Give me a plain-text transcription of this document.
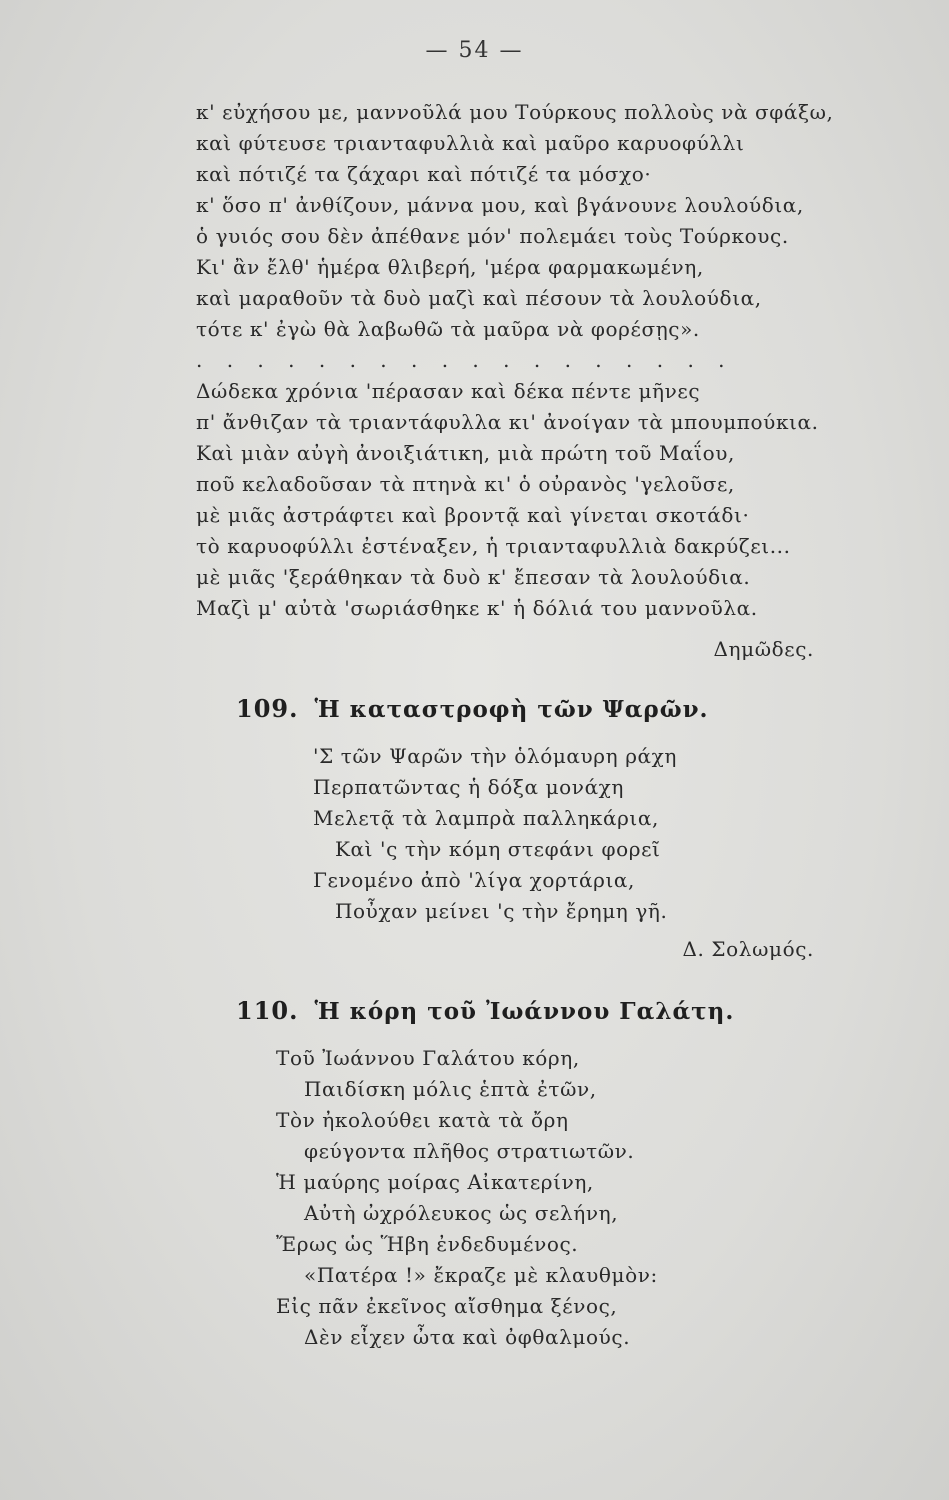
— 54 —
κ' εὐχήσου με, μαννοῦλά μου Τούρκους πολλοὺς νὰ σφάξω,
καὶ φύτευσε τριανταφυλλιὰ καὶ μαῦρο καρυοφύλλι
καὶ πότιζέ τα ζάχαρι καὶ πότιζέ τα μόσχο·
κ' ὅσο π' ἀνθίζουν, μάννα μου, καὶ βγάνουνε λουλούδια,
ὁ γυιός σου δὲν ἀπέθανε μόν' πολεμάει τοὺς Τούρκους.
Κι' ἂν ἔλθ' ἡμέρα θλιβερή, 'μέρα φαρμακωμένη,
καὶ μαραθοῦν τὰ δυὸ μαζὶ καὶ πέσουν τὰ λουλούδια,
τότε κ' ἐγὼ θὰ λαβωθῶ τὰ μαῦρα νὰ φορέσῃς».
. . . . . . . . . . . . . . . . . .
Δώδεκα χρόνια 'πέρασαν καὶ δέκα πέντε μῆνες
π' ἄνθιζαν τὰ τριαντάφυλλα κι' ἀνοίγαν τὰ μπουμπούκια.
Καὶ μιὰν αὐγὴ ἀνοιξιάτικη, μιὰ πρώτη τοῦ Μαΐου,
ποῦ κελαδοῦσαν τὰ πτηνὰ κι' ὁ οὐρανὸς 'γελοῦσε,
μὲ μιᾶς ἀστράφτει καὶ βροντᾷ καὶ γίνεται σκοτάδι·
τὸ καρυοφύλλι ἐστέναξεν, ἡ τριανταφυλλιὰ δακρύζει...
μὲ μιᾶς 'ξεράθηκαν τὰ δυὸ κ' ἔπεσαν τὰ λουλούδια.
Μαζὶ μ' αὐτὰ 'σωριάσθηκε κ' ἡ δόλιά του μαννοῦλα.
Δημῶδες.
109. Ἡ καταστροφὴ τῶν Ψαρῶν.
'Σ τῶν Ψαρῶν τὴν ὁλόμαυρη ράχη
Περπατῶντας ἡ δόξα μονάχη
Μελετᾷ τὰ λαμπρὰ παλληκάρια,
Καὶ 'ς τὴν κόμη στεφάνι φορεῖ
Γενομένο ἀπὸ 'λίγα χορτάρια,
Ποὖχαν μείνει 'ς τὴν ἔρημη γῆ.
Δ. Σολωμός.
110. Ἡ κόρη τοῦ Ἰωάννου Γαλάτη.
Τοῦ Ἰωάννου Γαλάτου κόρη,
Παιδίσκη μόλις ἑπτὰ ἐτῶν,
Τὸν ἠκολούθει κατὰ τὰ ὄρη
φεύγοντα πλῆθος στρατιωτῶν.
Ἡ μαύρης μοίρας Αἰκατερίνη,
Αὐτὴ ὠχρόλευκος ὡς σελήνη,
Ἔρως ὡς Ἥβη ἐνδεδυμένος.
«Πατέρα !» ἔκραζε μὲ κλαυθμὸν:
Εἰς πᾶν ἐκεῖνος αἴσθημα ξένος,
Δὲν εἶχεν ὦτα καὶ ὀφθαλμούς.
